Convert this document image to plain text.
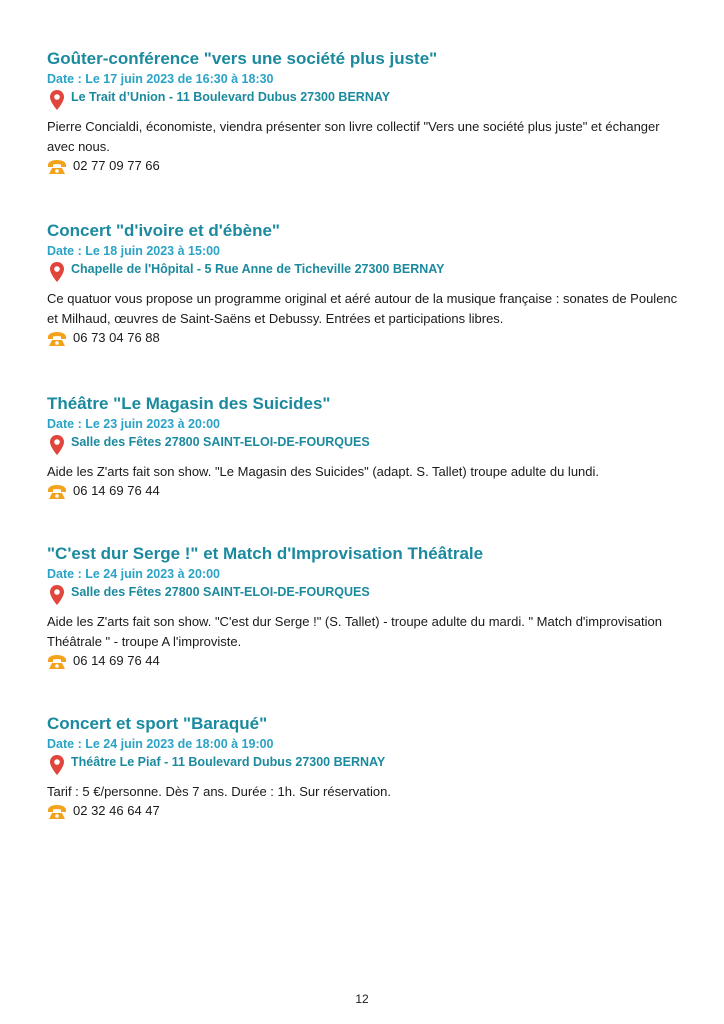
Goûter-conférence "vers une société plus juste"
Date : Le 17 juin 2023 de 16:30 à 18:30
Le Trait d’Union - 11 Boulevard Dubus 27300 BERNAY
Pierre Concialdi, économiste, viendra présenter son livre collectif "Vers une société plus juste" et échanger avec nous.
02 77 09 77 66
Concert "d'ivoire et d'ébène"
Date : Le 18 juin 2023 à 15:00
Chapelle de l'Hôpital - 5 Rue Anne de Ticheville 27300 BERNAY
Ce quatuor vous propose un programme original et aéré autour de la musique française : sonates de Poulenc et Milhaud, œuvres de Saint-Saëns et Debussy. Entrées et participations libres.
06 73 04 76 88
Théâtre "Le Magasin des Suicides"
Date : Le 23 juin 2023 à 20:00
Salle des Fêtes 27800 SAINT-ELOI-DE-FOURQUES
Aide les Z'arts fait son show. "Le Magasin des Suicides" (adapt. S. Tallet) troupe adulte du lundi.
06 14 69 76 44
"C'est dur Serge !" et Match d'Improvisation Théâtrale
Date : Le 24 juin 2023 à 20:00
Salle des Fêtes 27800 SAINT-ELOI-DE-FOURQUES
Aide les Z'arts fait son show. "C'est dur Serge !" (S. Tallet) - troupe adulte du mardi. " Match d'improvisation Théâtrale " - troupe A l'improviste.
06 14 69 76 44
Concert et sport "Baraqué"
Date : Le 24 juin 2023 de 18:00 à 19:00
Théâtre Le Piaf - 11 Boulevard Dubus 27300 BERNAY
Tarif : 5 €/personne. Dès 7 ans. Durée : 1h. Sur réservation.
02 32 46 64 47
12
